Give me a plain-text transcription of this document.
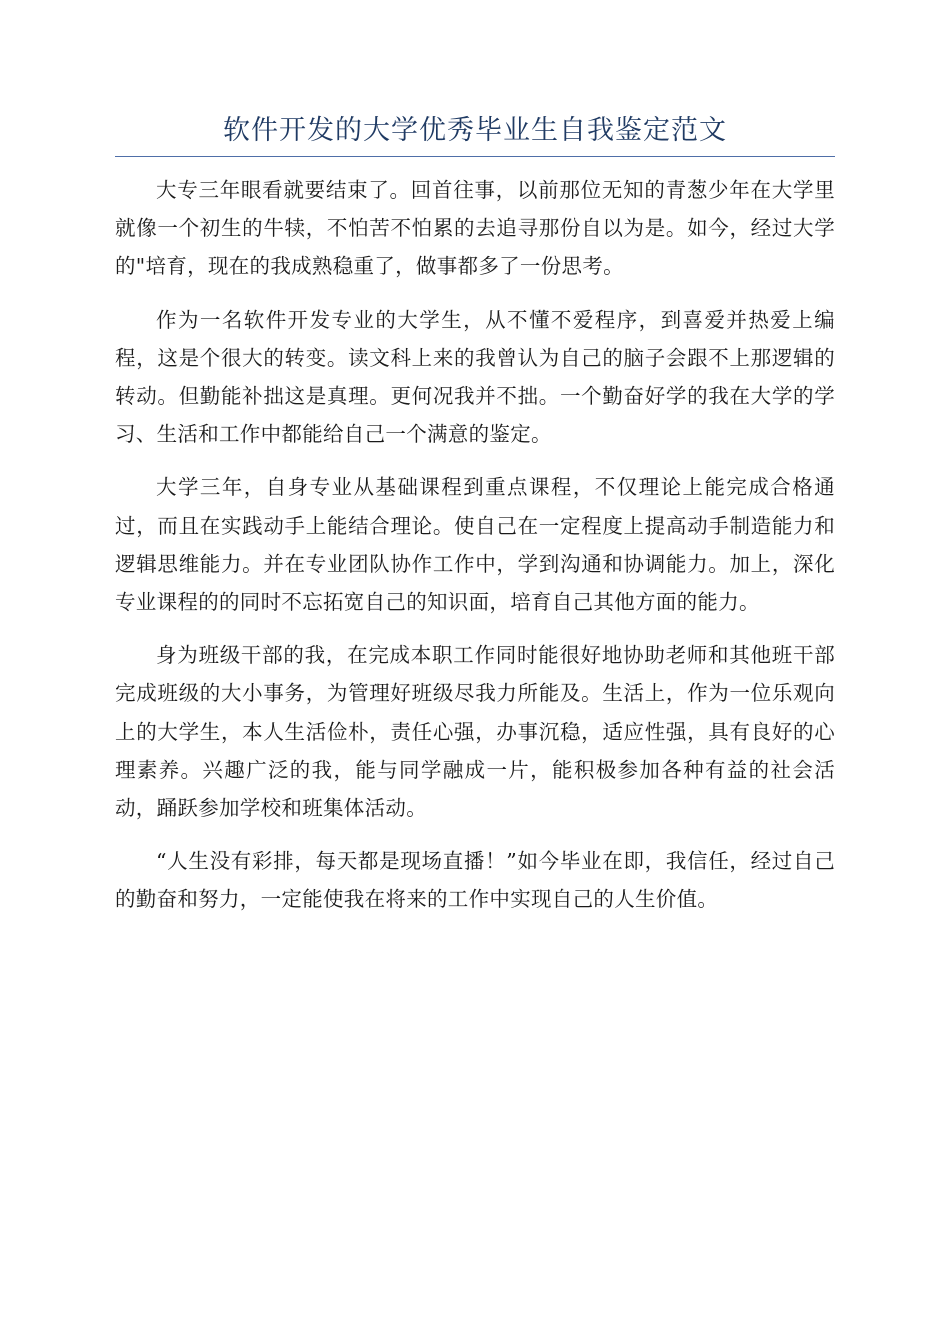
软件开发的大学优秀毕业生自我鉴定范文

大专三年眼看就要结束了。回首往事，以前那位无知的青葱少年在大学里就像一个初生的牛犊，不怕苦不怕累的去追寻那份自以为是。如今，经过大学的"培育，现在的我成熟稳重了，做事都多了一份思考。

作为一名软件开发专业的大学生，从不懂不爱程序，到喜爱并热爱上编程，这是个很大的转变。读文科上来的我曾认为自己的脑子会跟不上那逻辑的转动。但勤能补拙这是真理。更何况我并不拙。一个勤奋好学的我在大学的学习、生活和工作中都能给自己一个满意的鉴定。

大学三年，自身专业从基础课程到重点课程，不仅理论上能完成合格通过，而且在实践动手上能结合理论。使自己在一定程度上提高动手制造能力和逻辑思维能力。并在专业团队协作工作中，学到沟通和协调能力。加上，深化专业课程的的同时不忘拓宽自己的知识面，培育自己其他方面的能力。

身为班级干部的我，在完成本职工作同时能很好地协助老师和其他班干部完成班级的大小事务，为管理好班级尽我力所能及。生活上，作为一位乐观向上的大学生，本人生活俭朴，责任心强，办事沉稳，适应性强，具有良好的心理素养。兴趣广泛的我，能与同学融成一片，能积极参加各种有益的社会活动，踊跃参加学校和班集体活动。

“人生没有彩排，每天都是现场直播！”如今毕业在即，我信任，经过自己的勤奋和努力，一定能使我在将来的工作中实现自己的人生价值。
